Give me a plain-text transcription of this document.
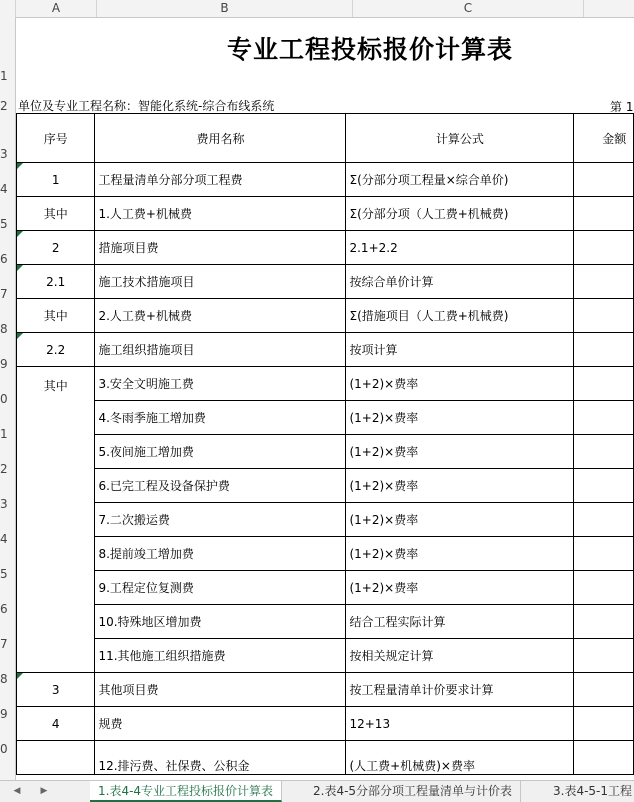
A	B	C
1
2
3
4
5
6
7
8
9
0
1
2
3
4
5
6
7
8
9
0
专业工程投标报价计算表
单位及专业工程名称：智能化系统-综合布线系统	第 1
序号	费用名称	计算公式	金额

1	工程量清单分部分项工程费	Σ(分部分项工程量×综合单价)	
其中	1.人工费+机械费	Σ(分部分项（人工费+机械费)	

2	措施项目费	2.1+2.2	

2.1	施工技术措施项目	按综合单价计算	
其中	2.人工费+机械费	Σ(措施项目（人工费+机械费)	

2.2	施工组织措施项目	按项计算	
其中	3.安全文明施工费	(1+2)×费率	
	4.冬雨季施工增加费	(1+2)×费率	
	5.夜间施工增加费	(1+2)×费率	
	6.已完工程及设备保护费	(1+2)×费率	
	7.二次搬运费	(1+2)×费率	
	8.提前竣工增加费	(1+2)×费率	
	9.工程定位复测费	(1+2)×费率	
	10.特殊地区增加费	结合工程实际计算	
	11.其他施工组织措施费	按相关规定计算	

3	其他项目费	按工程量清单计价要求计算	
4	规费	12+13	
	12.排污费、社保费、公积金	(人工费+机械费)×费率	
◀	▶	1.表4-4专业工程投标报价计算表	2.表4-5分部分项工程量清单与计价表	3.表4-5-1工程
